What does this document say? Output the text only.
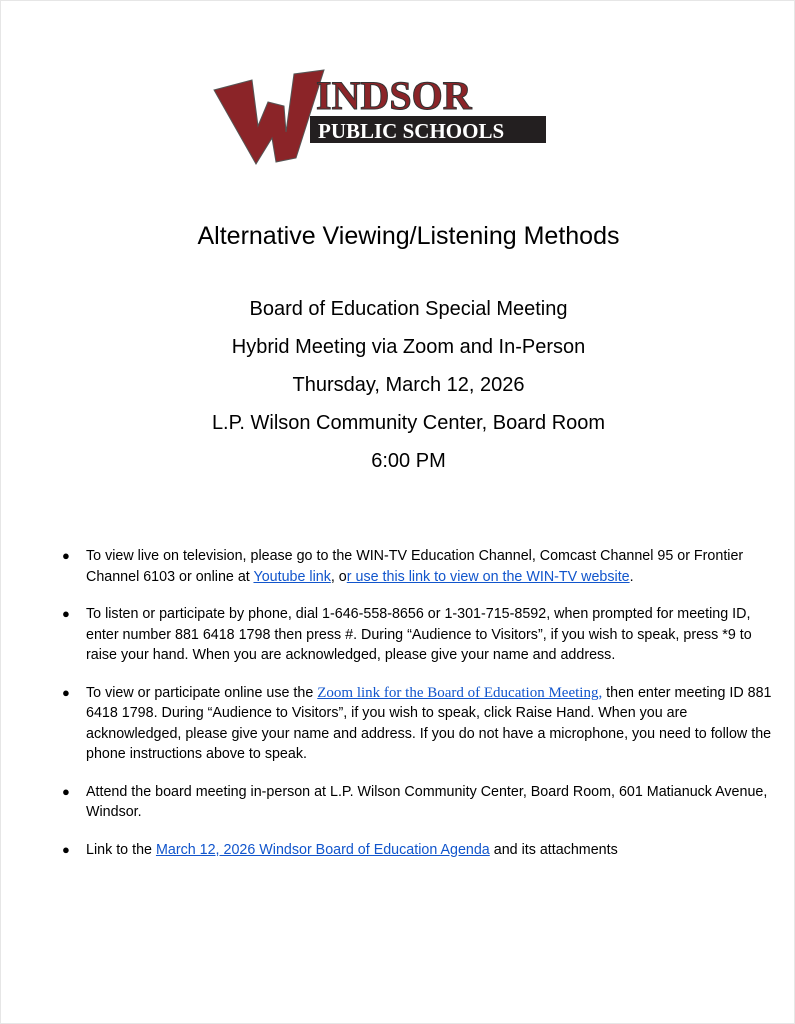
INDSOR
PUBLIC SCHOOLS
Alternative Viewing/Listening Methods
Board of Education Special Meeting
Hybrid Meeting via Zoom and In-Person
Thursday, March 12, 2026
L.P. Wilson Community Center, Board Room
6:00 PM
● To view live on television, please go to the WIN-TV Education Channel, Comcast Channel 95 or Frontier Channel 6103 or online at Youtube link, or use this link to view on the WIN-TV website.
● To listen or participate by phone, dial 1-646-558-8656 or 1-301-715-8592, when prompted for meeting ID, enter number 881 6418 1798 then press #. During “Audience to Visitors”, if you wish to speak, press *9 to raise your hand. When you are acknowledged, please give your name and address.
● To view or participate online use the Zoom link for the Board of Education Meeting, then enter meeting ID 881 6418 1798. During “Audience to Visitors”, if you wish to speak, click Raise Hand. When you are acknowledged, please give your name and address. If you do not have a microphone, you need to follow the phone instructions above to speak.
● Attend the board meeting in-person at L.P. Wilson Community Center, Board Room, 601 Matianuck Avenue, Windsor.
● Link to the March 12, 2026 Windsor Board of Education Agenda and its attachments
